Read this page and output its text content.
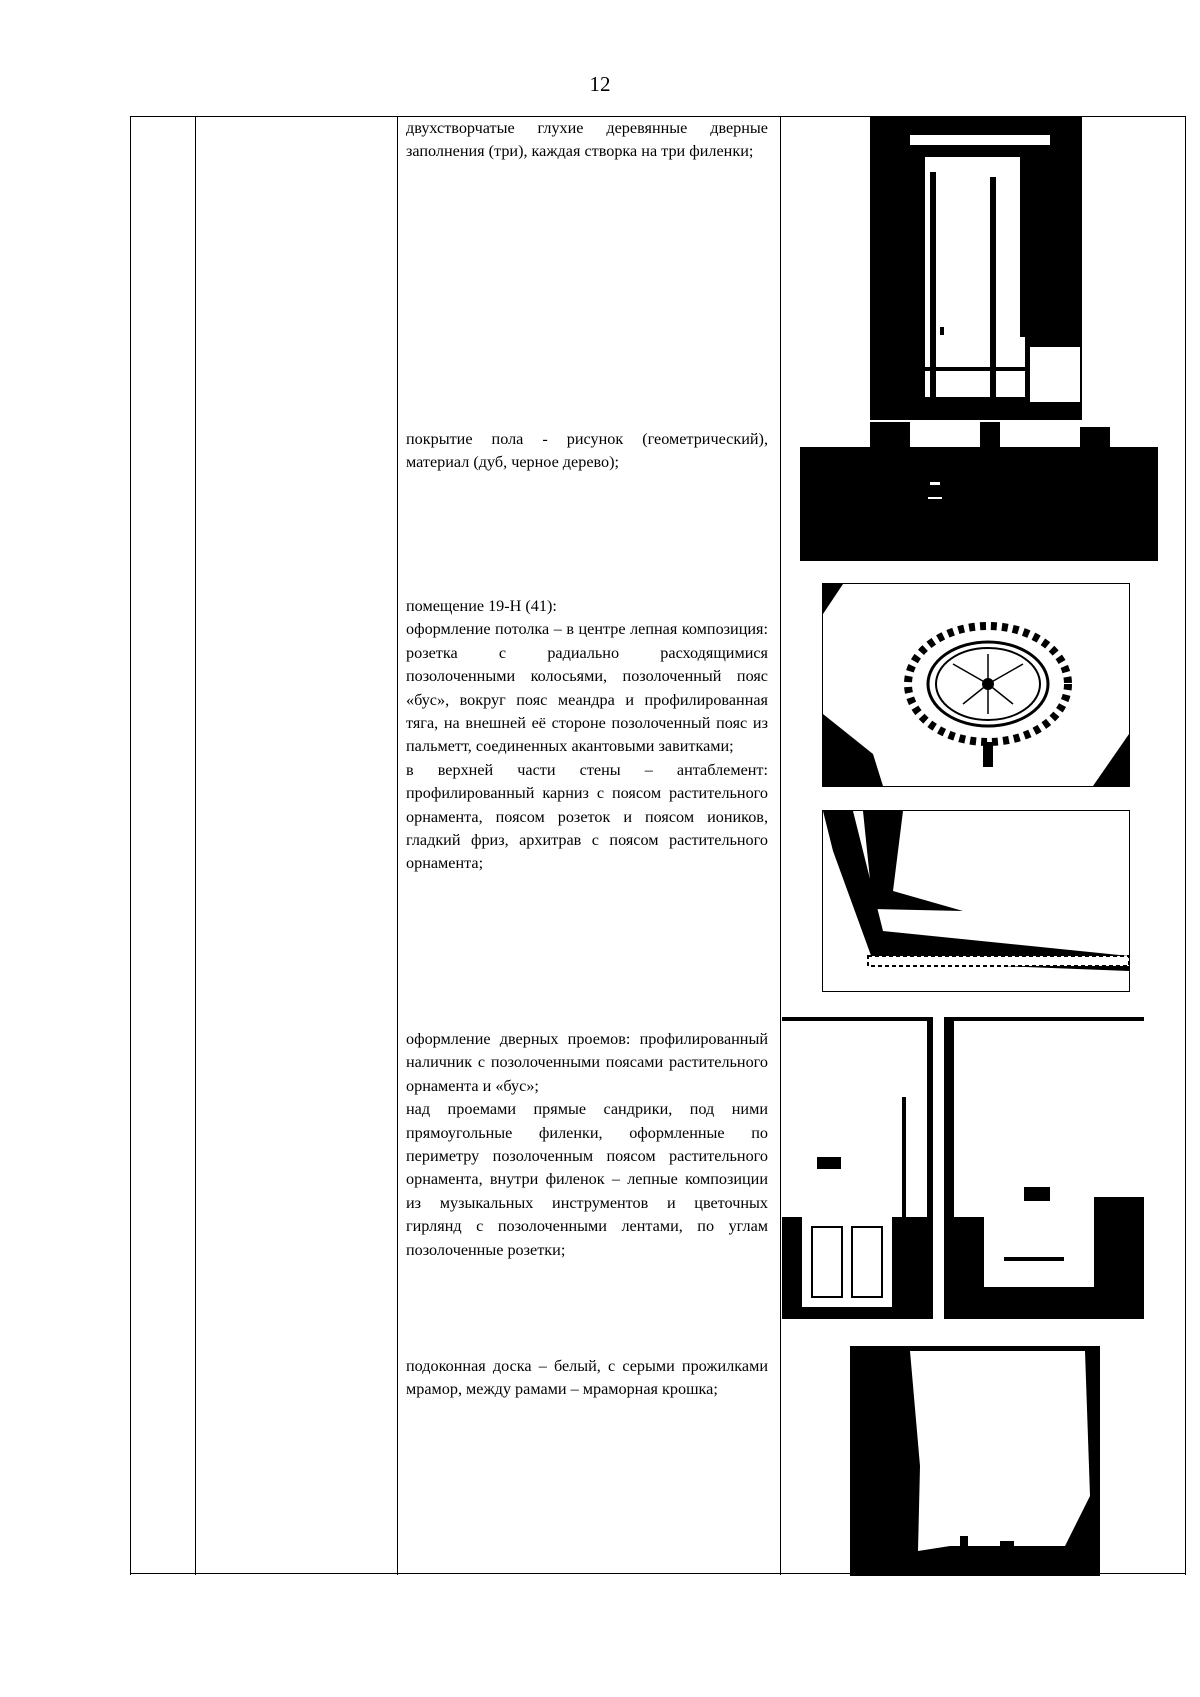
12

двухстворчатые глухие деревянные дверные заполнения (три), каждая створка на три филенки;

покрытие пола - рисунок (геометрический), материал (дуб, черное дерево);

помещение 19-Н (41):

оформление потолка – в центре лепная композиция: розетка с радиально расходящимися позолоченными колосьями, позолоченный пояс «бус», вокруг пояс меандра и профилированная тяга, на внешней её стороне позолоченный пояс из пальметт, соединенных акантовыми завитками;

в верхней части стены – антаблемент: профилированный карниз с поясом растительного орнамента, поясом розеток и поясом иоников, гладкий фриз, архитрав с поясом растительного орнамента;

оформление дверных проемов: профилированный наличник с позолоченными поясами растительного орнамента и «бус»;

над проемами прямые сандрики, под ними прямоугольные филенки, оформленные по периметру позолоченным поясом растительного орнамента, внутри филенок – лепные композиции из музыкальных инструментов и цветочных гирлянд с позолоченными лентами, по углам позолоченные розетки;

подоконная доска – белый, с серыми прожилками мрамор, между рамами – мраморная крошка;
